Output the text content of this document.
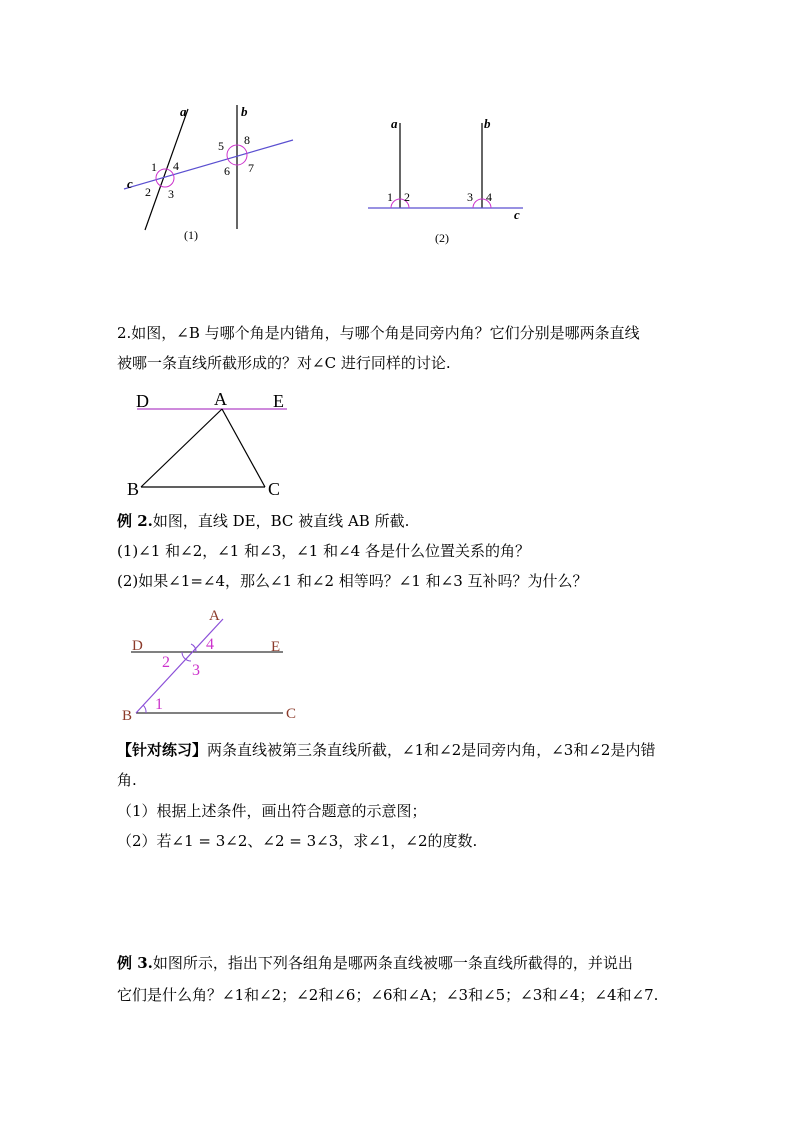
a	b
c
1
2 3
4
5
6 7
8
(1)
a	b
c
1 2	3 4
(2)
2.如图，∠B 与哪个角是内错角，与哪个角是同旁内角？它们分别是哪两条直线
被哪一条直线所截形成的？对∠C 进行同样的讨论.
D	A	E
B	C
例 2.如图，直线 DE，BC 被直线 AB 所截.
(1)∠1 和∠2，∠1 和∠3，∠1 和∠4 各是什么位置关系的角？
(2)如果∠1=∠4，那么∠1 和∠2 相等吗？∠1 和∠3 互补吗？为什么？
A
D	E
B	C
1
2 3
4
【针对练习】两条直线被第三条直线所截，∠1和∠2是同旁内角，∠3和∠2是内错
角.
（1）根据上述条件，画出符合题意的示意图；
（2）若∠1 = 3∠2、∠2 = 3∠3，求∠1，∠2的度数.
例 3.如图所示，指出下列各组角是哪两条直线被哪一条直线所截得的，并说出
它们是什么角？∠1和∠2；∠2和∠6；∠6和∠A；∠3和∠5；∠3和∠4；∠4和∠7.
